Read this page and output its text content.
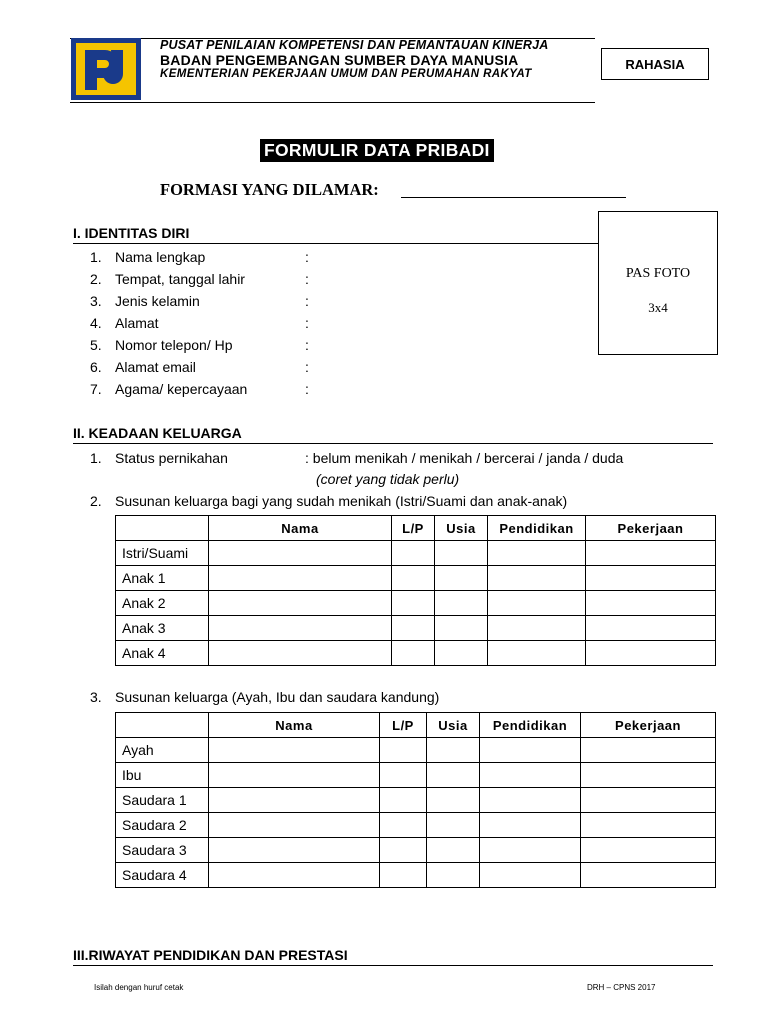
PUSAT PENILAIAN KOMPETENSI DAN PEMANTAUAN KINERJA
BADAN PENGEMBANGAN SUMBER DAYA MANUSIA
KEMENTERIAN PEKERJAAN UMUM DAN PERUMAHAN RAKYAT
RAHASIA
FORMULIR DATA PRIBADI
FORMASI YANG DILAMAR:
PAS FOTO
3x4
I. IDENTITAS DIRI
1. Nama lengkap	:
2. Tempat, tanggal lahir	:
3. Jenis kelamin	:
4. Alamat	:
5. Nomor telepon/ Hp	:
6. Alamat email	:
7. Agama/ kepercayaan	:
II. KEADAAN KELUARGA
1. Status pernikahan	: belum menikah / menikah / bercerai / janda / duda
(coret yang tidak perlu)
2. Susunan keluarga bagi yang sudah menikah (Istri/Suami dan anak-anak)
	Nama	L/P	Usia	Pendidikan	Pekerjaan
Istri/Suami					
Anak 1					
Anak 2					
Anak 3					
Anak 4					
3. Susunan keluarga (Ayah, Ibu dan saudara kandung)
	Nama	L/P	Usia	Pendidikan	Pekerjaan
Ayah					
Ibu					
Saudara 1					
Saudara 2					
Saudara 3					
Saudara 4					
III.RIWAYAT PENDIDIKAN DAN PRESTASI
Isilah dengan huruf cetak	DRH – CPNS 2017
